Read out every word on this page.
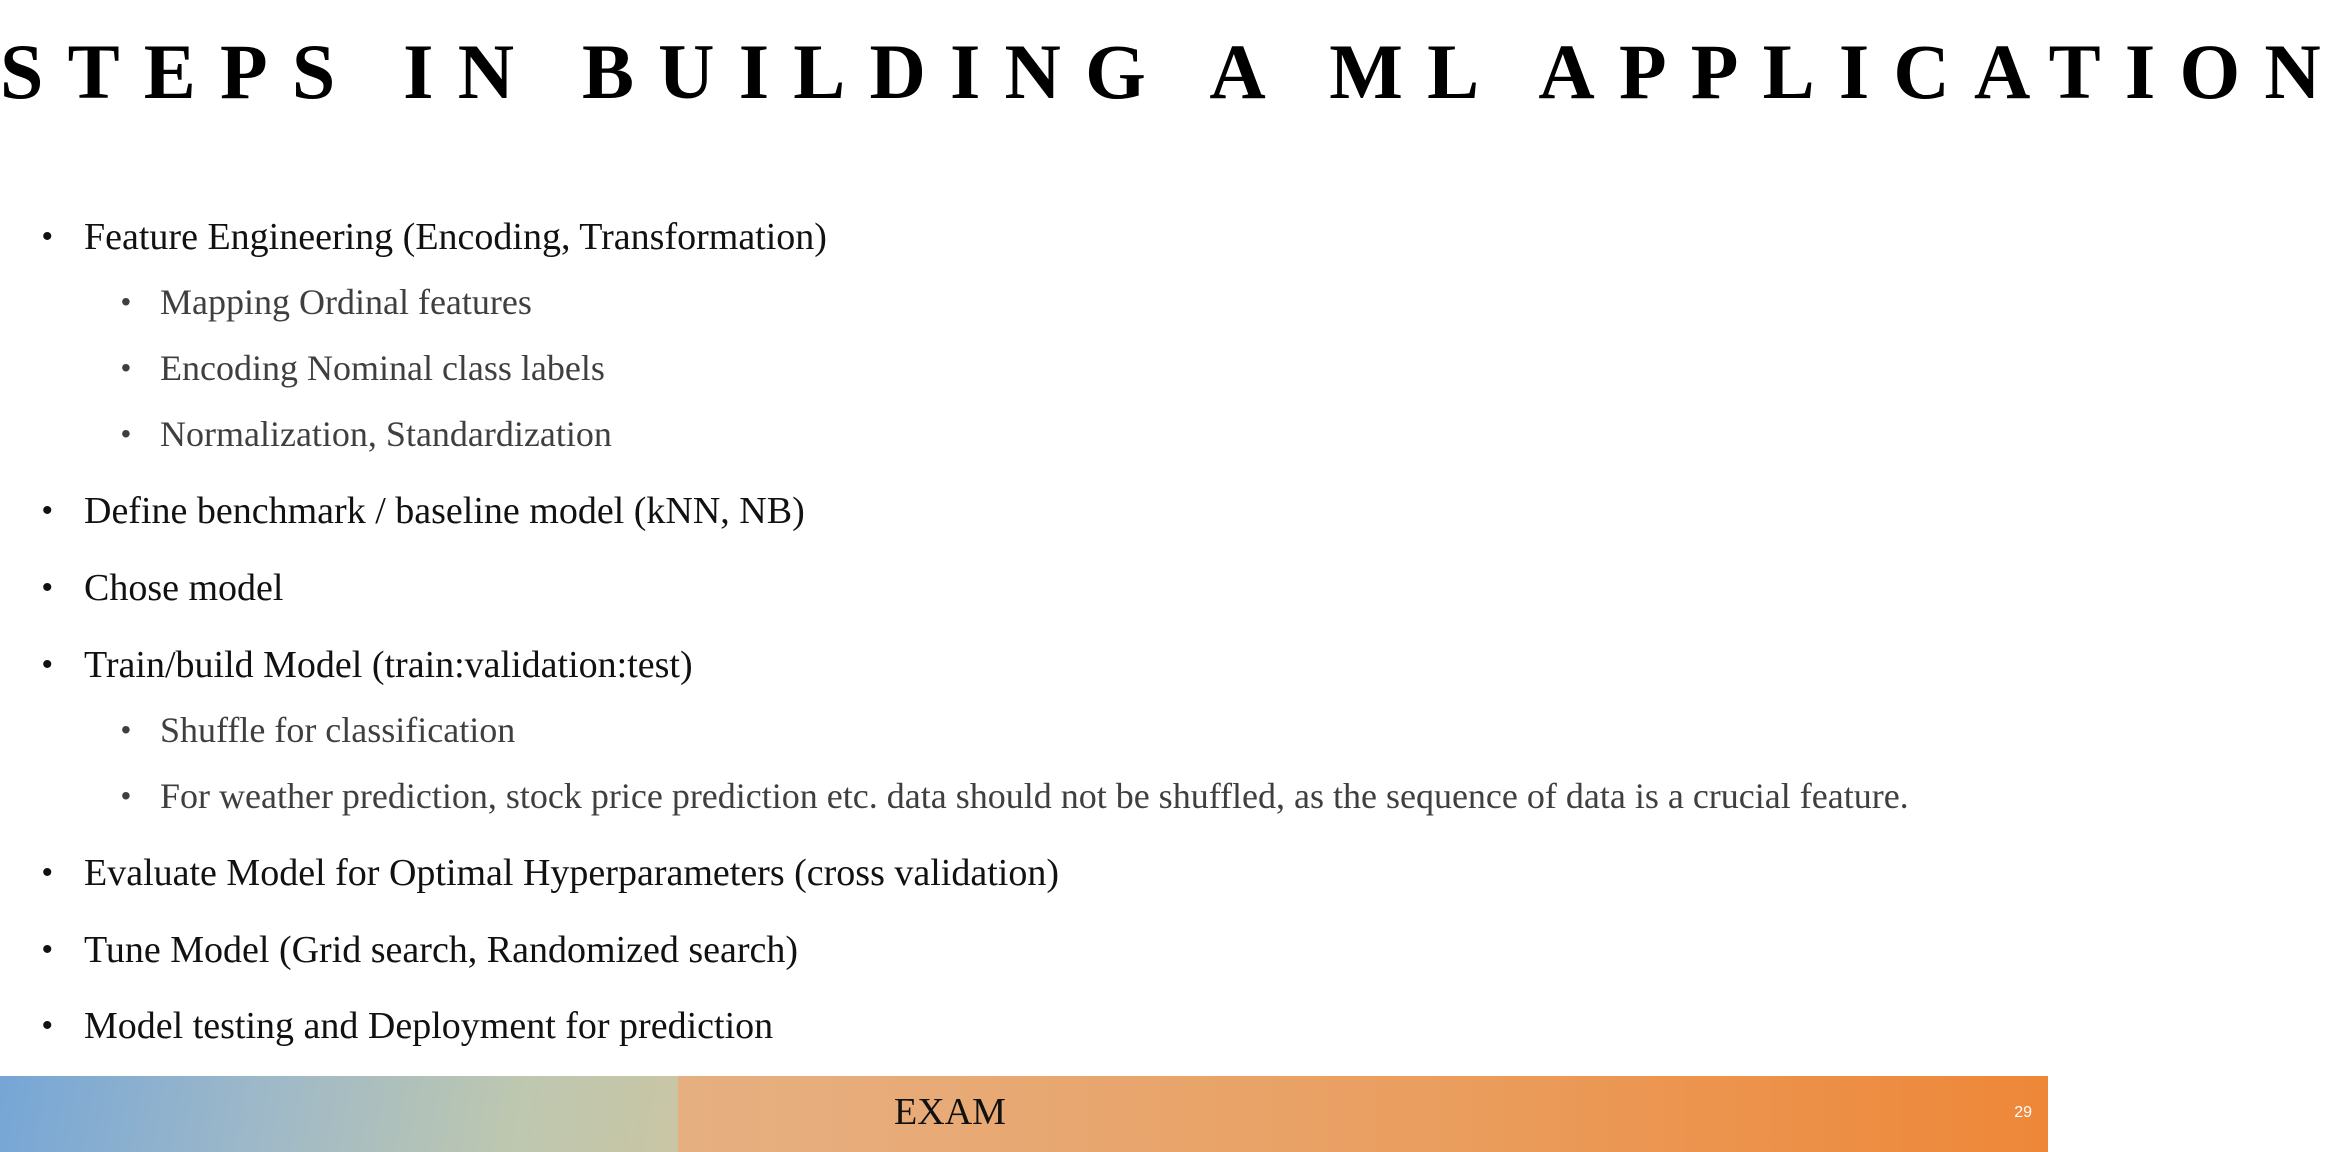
STEPS IN BUILDING A ML APPLICATION
• Feature Engineering (Encoding, Transformation)
• Mapping Ordinal features
• Encoding Nominal class labels
• Normalization, Standardization
• Define benchmark / baseline model (kNN, NB)
• Chose model
• Train/build Model (train:validation:test)
• Shuffle for classification
• For weather prediction, stock price prediction etc. data should not be shuffled, as the sequence of data is a crucial feature.
• Evaluate Model for Optimal Hyperparameters (cross validation)
• Tune Model (Grid search, Randomized search)
• Model testing and Deployment for prediction
EXAM	29
